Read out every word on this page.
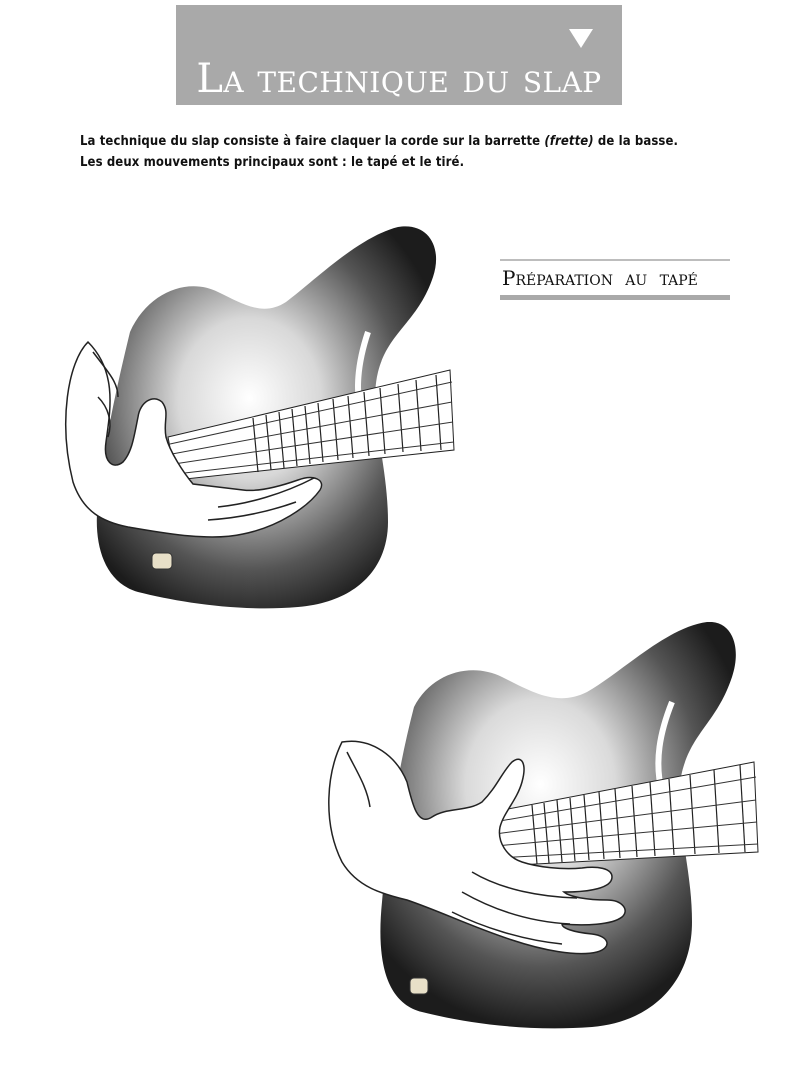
La technique du slap

La technique du slap consiste à faire claquer la corde sur la barrette (frette) de la basse.

Les deux mouvements principaux sont : le tapé et le tiré.

Préparation au tapé
